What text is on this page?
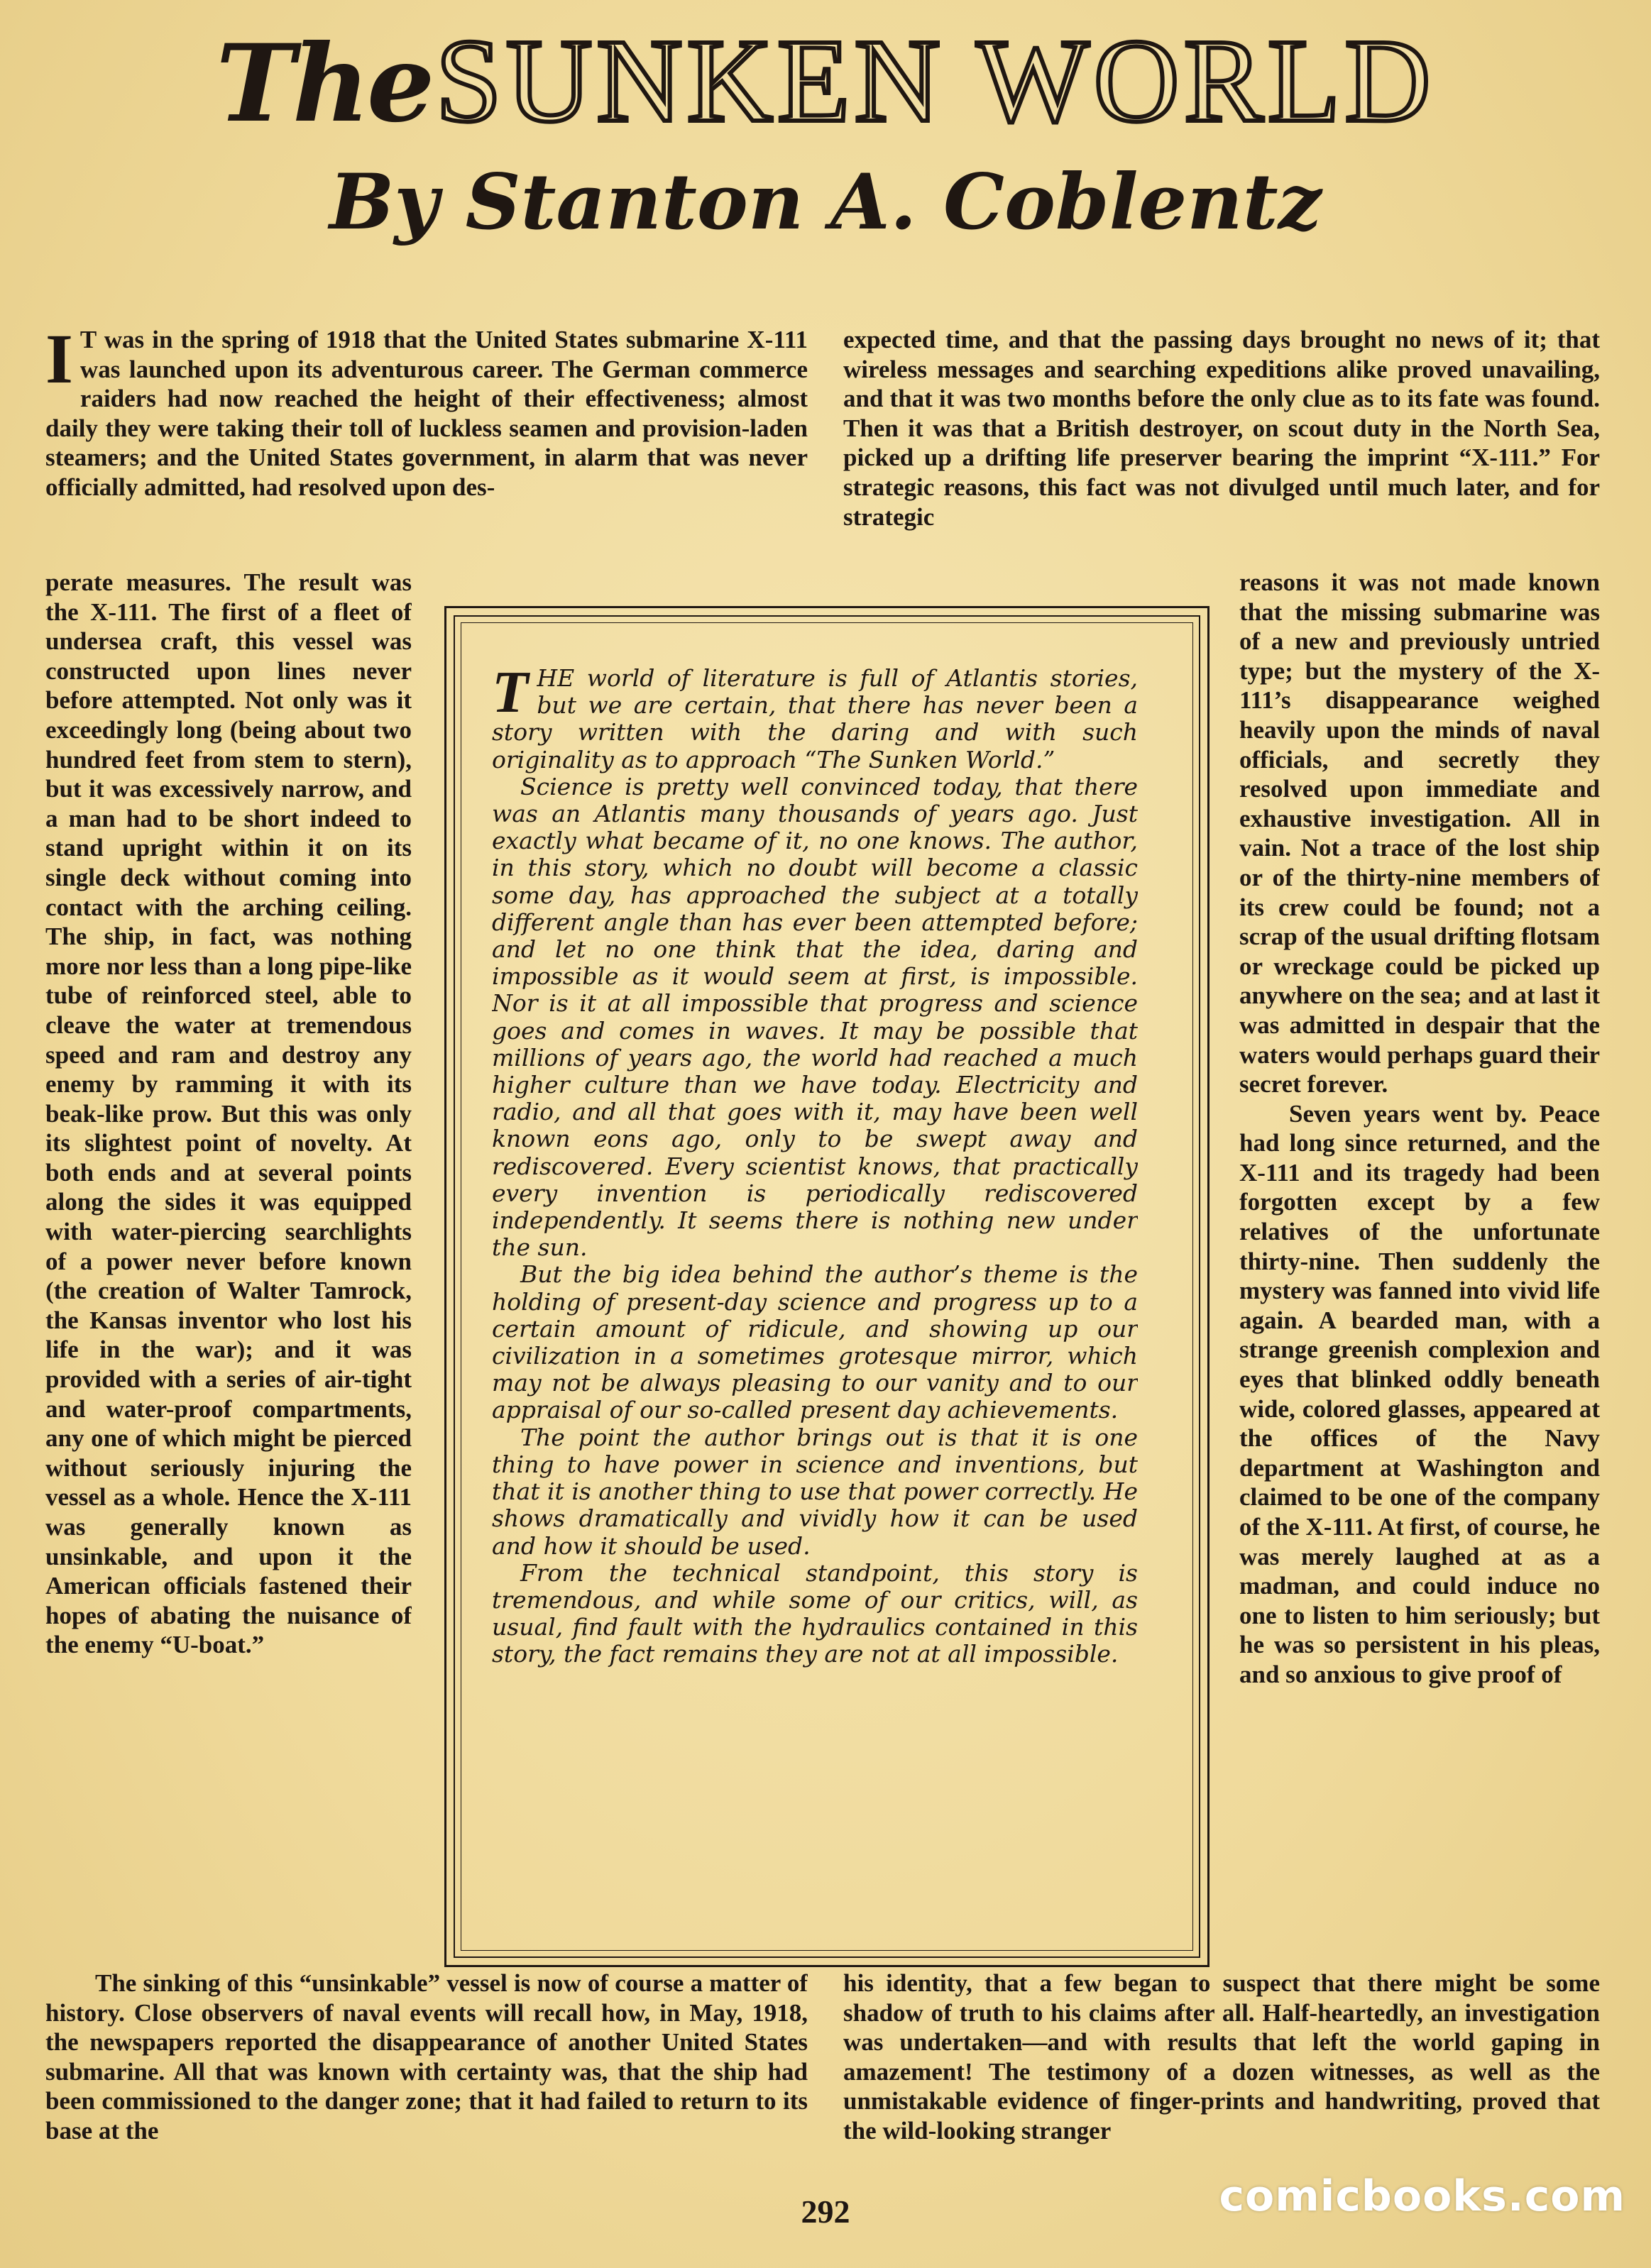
The SUNKEN WORLD
By Stanton A. Coblentz
I T was in the spring of 1918 that the United States submarine X-111 was launched upon its adventurous career. The German commerce raiders had now reached the height of their effectiveness; almost daily they were taking their toll of luckless seamen and provision-laden steamers; and the United States government, in alarm that was never officially admitted, had resolved upon des-

expected time, and that the passing days brought no news of it; that wireless messages and searching expeditions alike proved unavailing, and that it was two months before the only clue as to its fate was found. Then it was that a British destroyer, on scout duty in the North Sea, picked up a drifting life preserver bearing the imprint “X-111.” For strategic reasons, this fact was not divulged until much later, and for strategic

perate measures. The result was the X-111. The first of a fleet of undersea craft, this vessel was constructed upon lines never before attempted. Not only was it exceedingly long (being about two hundred feet from stem to stern), but it was excessively narrow, and a man had to be short indeed to stand upright within it on its single deck without coming into contact with the arching ceiling. The ship, in fact, was nothing more nor less than a long pipe-like tube of reinforced steel, able to cleave the water at tremendous speed and ram and destroy any enemy by ramming it with its beak-like prow. But this was only its slightest point of novelty. At both ends and at several points along the sides it was equipped with water-piercing searchlights of a power never before known (the creation of Walter Tamrock, the Kansas inventor who lost his life in the war); and it was provided with a series of air-tight and water-proof compartments, any one of which might be pierced without seriously injuring the vessel as a whole. Hence the X-111 was generally known as unsinkable, and upon it the American officials fastened their hopes of abating the nuisance of the enemy “U-boat.”

T HE world of literature is full of Atlantis stories, but we are certain, that there has never been a story written with the daring and with such originality as to approach “The Sunken World.”

Science is pretty well convinced today, that there was an Atlantis many thousands of years ago. Just exactly what became of it, no one knows. The author, in this story, which no doubt will become a classic some day, has approached the subject at a totally different angle than has ever been attempted before; and let no one think that the idea, daring and impossible as it would seem at first, is impossible. Nor is it at all impossible that progress and science goes and comes in waves. It may be possible that millions of years ago, the world had reached a much higher culture than we have today. Electricity and radio, and all that goes with it, may have been well known eons ago, only to be swept away and rediscovered. Every scientist knows, that practically every invention is periodically rediscovered independently. It seems there is nothing new under the sun.

But the big idea behind the author’s theme is the holding of present-day science and progress up to a certain amount of ridicule, and showing up our civilization in a sometimes grotesque mirror, which may not be always pleasing to our vanity and to our appraisal of our so-called present day achievements.

The point the author brings out is that it is one thing to have power in science and inventions, but that it is another thing to use that power correctly. He shows dramatically and vividly how it can be used and how it should be used.

From the technical standpoint, this story is tremendous, and while some of our critics, will, as usual, find fault with the hydraulics contained in this story, the fact remains they are not at all impossible.

reasons it was not made known that the missing submarine was of a new and previously untried type; but the mystery of the X-111’s disappearance weighed heavily upon the minds of naval officials, and secretly they resolved upon immediate and exhaustive investigation. All in vain. Not a trace of the lost ship or of the thirty-nine members of its crew could be found; not a scrap of the usual drifting flotsam or wreckage could be picked up anywhere on the sea; and at last it was admitted in despair that the waters would perhaps guard their secret forever.

Seven years went by. Peace had long since returned, and the X-111 and its tragedy had been forgotten except by a few relatives of the unfortunate thirty-nine. Then suddenly the mystery was fanned into vivid life again. A bearded man, with a strange greenish complexion and eyes that blinked oddly beneath wide, colored glasses, appeared at the offices of the Navy department at Washington and claimed to be one of the company of the X-111. At first, of course, he was merely laughed at as a madman, and could induce no one to listen to him seriously; but he was so persistent in his pleas, and so anxious to give proof of

The sinking of this “unsinkable” vessel is now of course a matter of history. Close observers of naval events will recall how, in May, 1918, the newspapers reported the disappearance of another United States submarine. All that was known with certainty was, that the ship had been commissioned to the danger zone; that it had failed to return to its base at the

his identity, that a few began to suspect that there might be some shadow of truth to his claims after all. Half-heartedly, an investigation was undertaken—and with results that left the world gaping in amazement! The testimony of a dozen witnesses, as well as the unmistakable evidence of finger-prints and handwriting, proved that the wild-looking stranger

292	comicbooks.com
